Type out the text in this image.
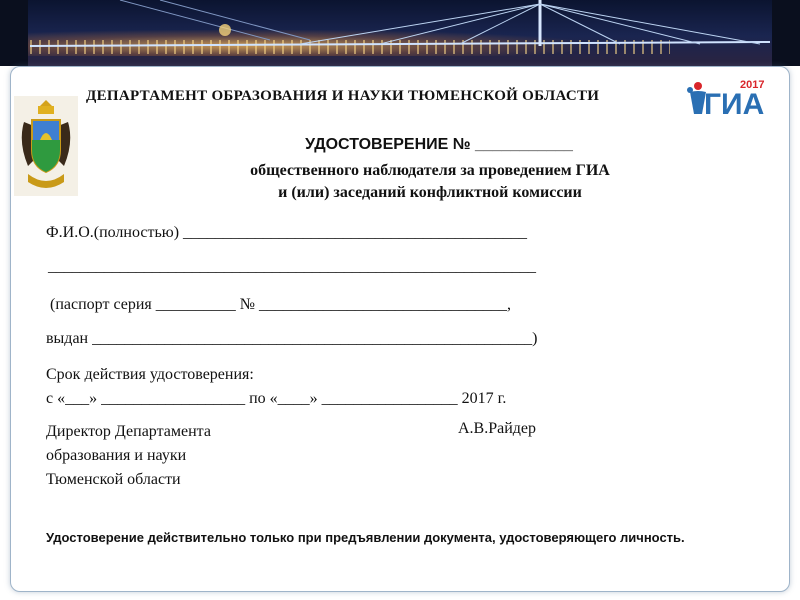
ГИА
2017
ДЕПАРТАМЕНТ ОБРАЗОВАНИЯ И НАУКИ ТЮМЕНСКОЙ ОБЛАСТИ
УДОСТОВЕРЕНИЕ № ___________
общественного наблюдателя за проведением ГИА
и (или) заседаний конфликтной комиссии
Ф.И.О.(полностью) ___________________________________________
_____________________________________________________________
(паспорт серия __________ № _______________________________,
выдан _______________________________________________________)
Срок действия удостоверения:
с «___» __________________ по «____» _________________ 2017 г.
Директор Департамента
образования и науки
Тюменской области
А.В.Райдер
Удостоверение действительно только при предъявлении документа, удостоверяющего личность.
